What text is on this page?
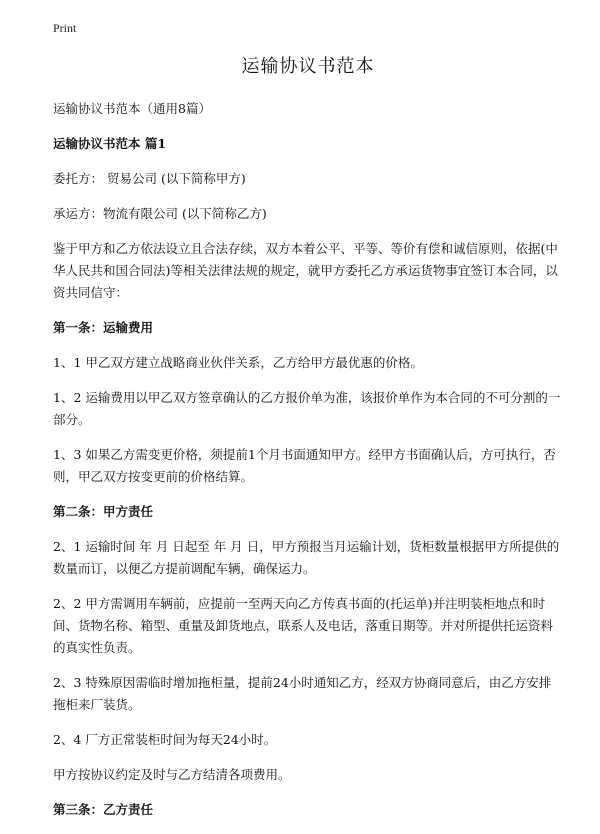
Print
运输协议书范本

运输协议书范本（通用8篇）

运输协议书范本 篇1

委托方： 贸易公司 (以下简称甲方)

承运方：物流有限公司 (以下简称乙方)

鉴于甲方和乙方依法设立且合法存续，双方本着公平、平等、等价有偿和诚信原则，依据(中华人民共和国合同法)等相关法律法规的规定，就甲方委托乙方承运货物事宜签订本合同，以资共同信守：

第一条：运输费用

1、1 甲乙双方建立战略商业伙伴关系，乙方给甲方最优惠的价格。

1、2 运输费用以甲乙双方签章确认的乙方报价单为准，该报价单作为本合同的不可分割的一部分。

1、3 如果乙方需变更价格，须提前1个月书面通知甲方。经甲方书面确认后，方可执行，否则，甲乙双方按变更前的价格结算。

第二条：甲方责任

2、1 运输时间 年 月 日起至 年 月 日，甲方预报当月运输计划，货柜数量根据甲方所提供的数量而订，以便乙方提前调配车辆，确保运力。

2、2 甲方需调用车辆前，应提前一至两天向乙方传真书面的(托运单)并注明装柜地点和时间、货物名称、箱型、重量及卸货地点，联系人及电话，落重日期等。并对所提供托运资料的真实性负责。

2、3 特殊原因需临时增加拖柜量，提前24小时通知乙方，经双方协商同意后，由乙方安排拖柜来厂装货。

2、4 厂方正常装柜时间为每天24小时。

甲方按协议约定及时与乙方结清各项费用。

第三条：乙方责任
